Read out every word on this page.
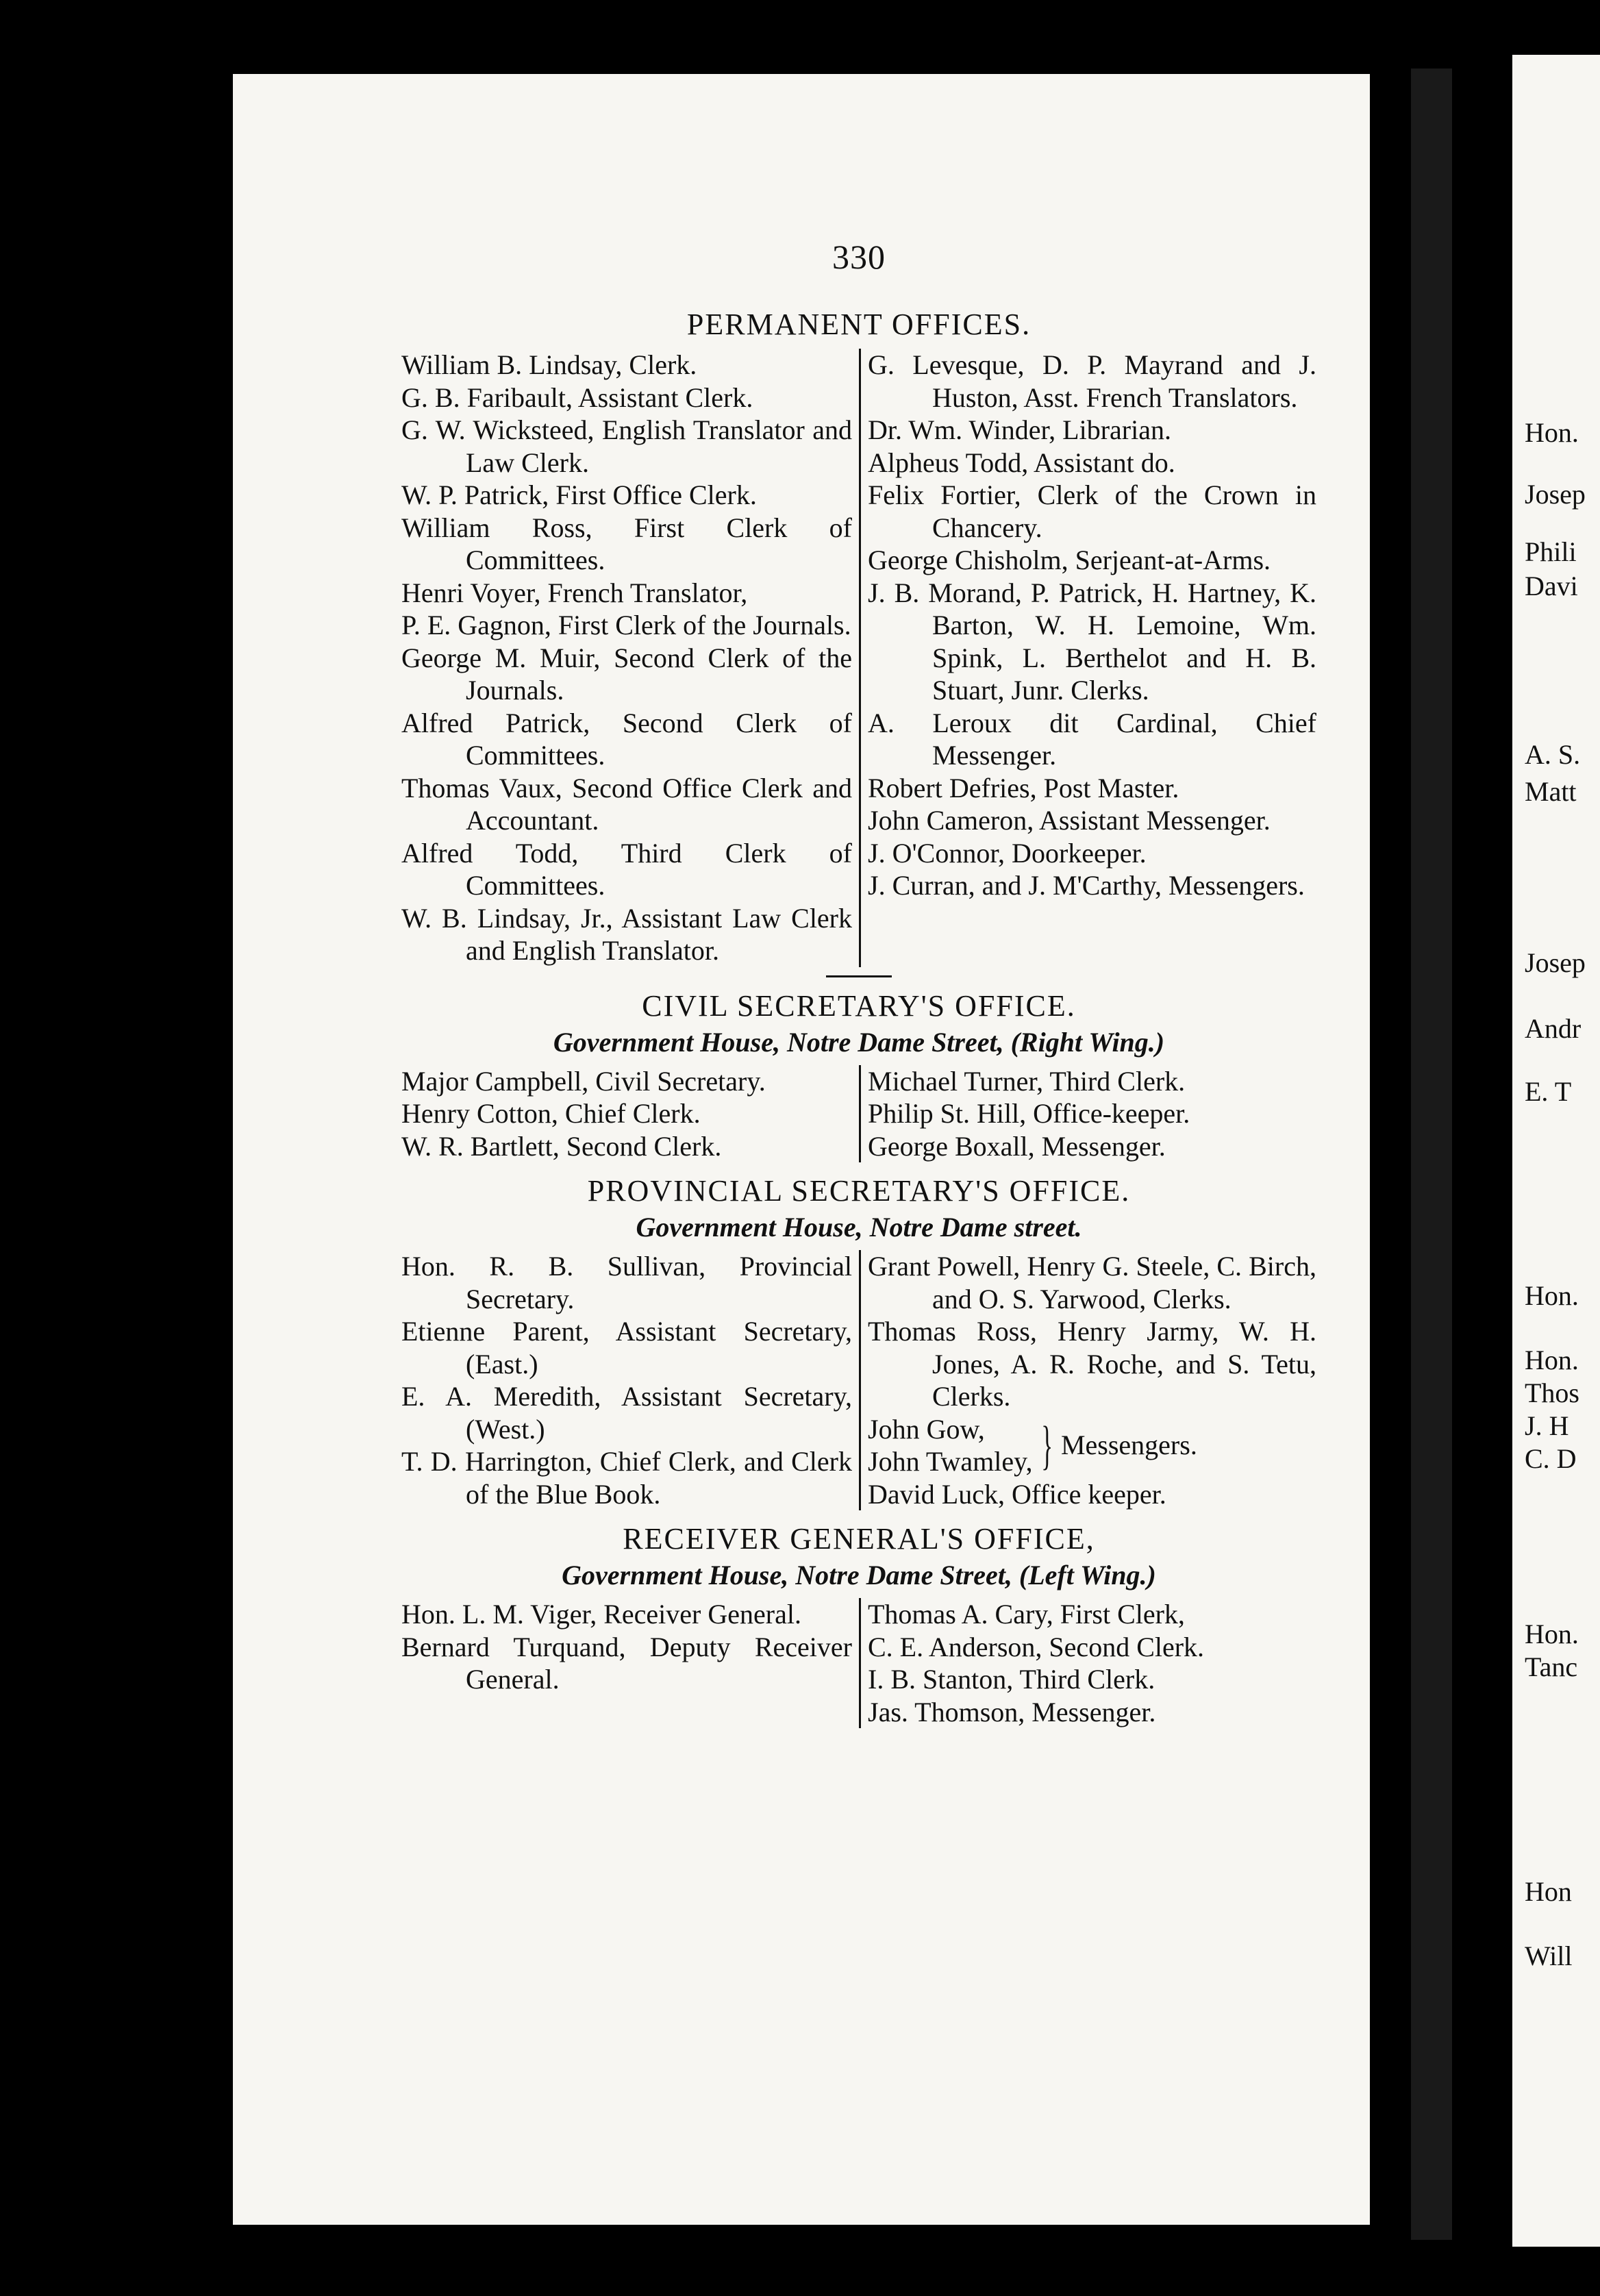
Hon.
Josep
Phili
Davi
A. S.
Matt
Josep
Andr
E. T
Hon.
Hon.
Thos
J. H
C. D
Hon.
Tanc
Hon
Will
330
PERMANENT OFFICES.
William B. Lindsay, Clerk.
G. B. Faribault, Assistant Clerk.
G. W. Wicksteed, English Translator and Law Clerk.
W. P. Patrick, First Office Clerk.
William Ross, First Clerk of Committees.
Henri Voyer, French Translator,
P. E. Gagnon, First Clerk of the Journals.
George M. Muir, Second Clerk of the Journals.
Alfred Patrick, Second Clerk of Committees.
Thomas Vaux, Second Office Clerk and Accountant.
Alfred Todd, Third Clerk of Committees.
W. B. Lindsay, Jr., Assistant Law Clerk and English Translator.
G. Levesque, D. P. Mayrand and J. Huston, Asst. French Translators.
Dr. Wm. Winder, Librarian.
Alpheus Todd, Assistant do.
Felix Fortier, Clerk of the Crown in Chancery.
George Chisholm, Serjeant-at-Arms.
J. B. Morand, P. Patrick, H. Hartney, K. Barton, W. H. Lemoine, Wm. Spink, L. Berthelot and H. B. Stuart, Junr. Clerks.
A. Leroux dit Cardinal, Chief Messenger.
Robert Defries, Post Master.
John Cameron, Assistant Messenger.
J. O'Connor, Doorkeeper.
J. Curran, and J. M'Carthy, Messengers.
CIVIL SECRETARY'S OFFICE.
Government House, Notre Dame Street, (Right Wing.)
Major Campbell, Civil Secretary.
Henry Cotton, Chief Clerk.
W. R. Bartlett, Second Clerk.
Michael Turner, Third Clerk.
Philip St. Hill, Office-keeper.
George Boxall, Messenger.
PROVINCIAL SECRETARY'S OFFICE.
Government House, Notre Dame street.
Hon. R. B. Sullivan, Provincial Secretary.
Etienne Parent, Assistant Secretary, (East.)
E. A. Meredith, Assistant Secretary, (West.)
T. D. Harrington, Chief Clerk, and Clerk of the Blue Book.
Grant Powell, Henry G. Steele, C. Birch, and O. S. Yarwood, Clerks.
Thomas Ross, Henry Jarmy, W. H. Jones, A. R. Roche, and S. Tetu, Clerks.
John Gow,
John Twamley, } Messengers.
David Luck, Office keeper.
RECEIVER GENERAL'S OFFICE,
Government House, Notre Dame Street, (Left Wing.)
Hon. L. M. Viger, Receiver General.
Bernard Turquand, Deputy Receiver General.
Thomas A. Cary, First Clerk,
C. E. Anderson, Second Clerk.
I. B. Stanton, Third Clerk.
Jas. Thomson, Messenger.
